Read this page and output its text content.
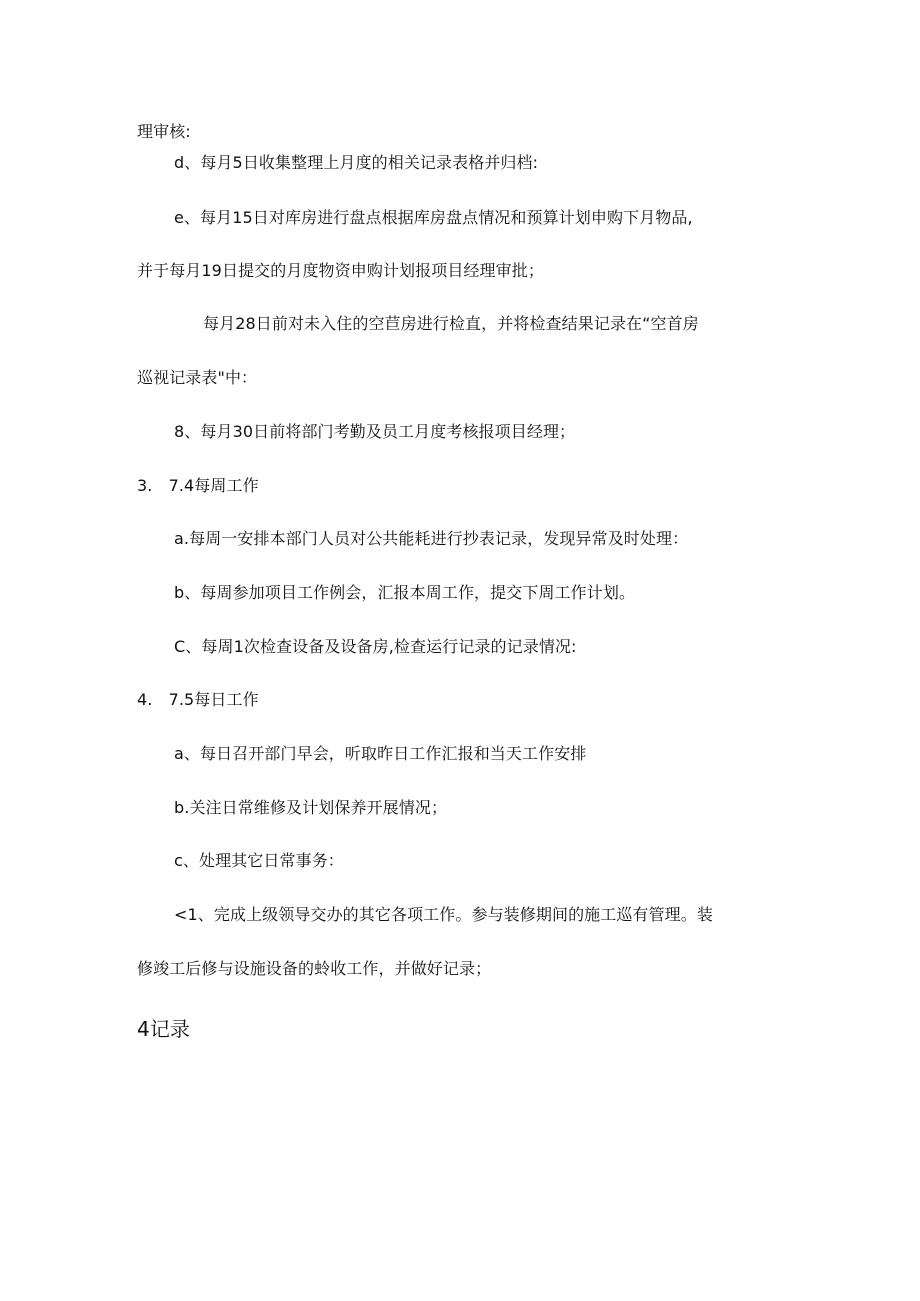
理审核:
d、每月5日收集整理上月度的相关记录表格并归档:
e、每月15日对库房进行盘点根据库房盘点情况和预算计划申购下月物品,
并于每月19日提交的月度物资申购计划报项目经理审批；
每月28日前对未入住的空苣房进行检直，并将检查结果记录在“空首房
巡视记录表"中：
8、每月30日前将部门考勤及员工月度考核报项目经理；
3.　7.4每周工作
a.每周一安排本部门人员对公共能耗进行抄表记录，发现异常及时处理：
b、每周参加项目工作例会，汇报本周工作，提交下周工作计划。
C、每周1次检查设备及设备房,检查运行记录的记录情况:
4.　7.5每日工作
a、每日召开部门早会，听取昨日工作汇报和当天工作安排
b.关注日常维修及计划保养开展情况；
c、处理其它日常事务：
<1、完成上级领导交办的其它各项工作。参与装修期间的施工巡有管理。装
修竣工后修与设施设备的蛉收工作，并做好记录；
4记录
